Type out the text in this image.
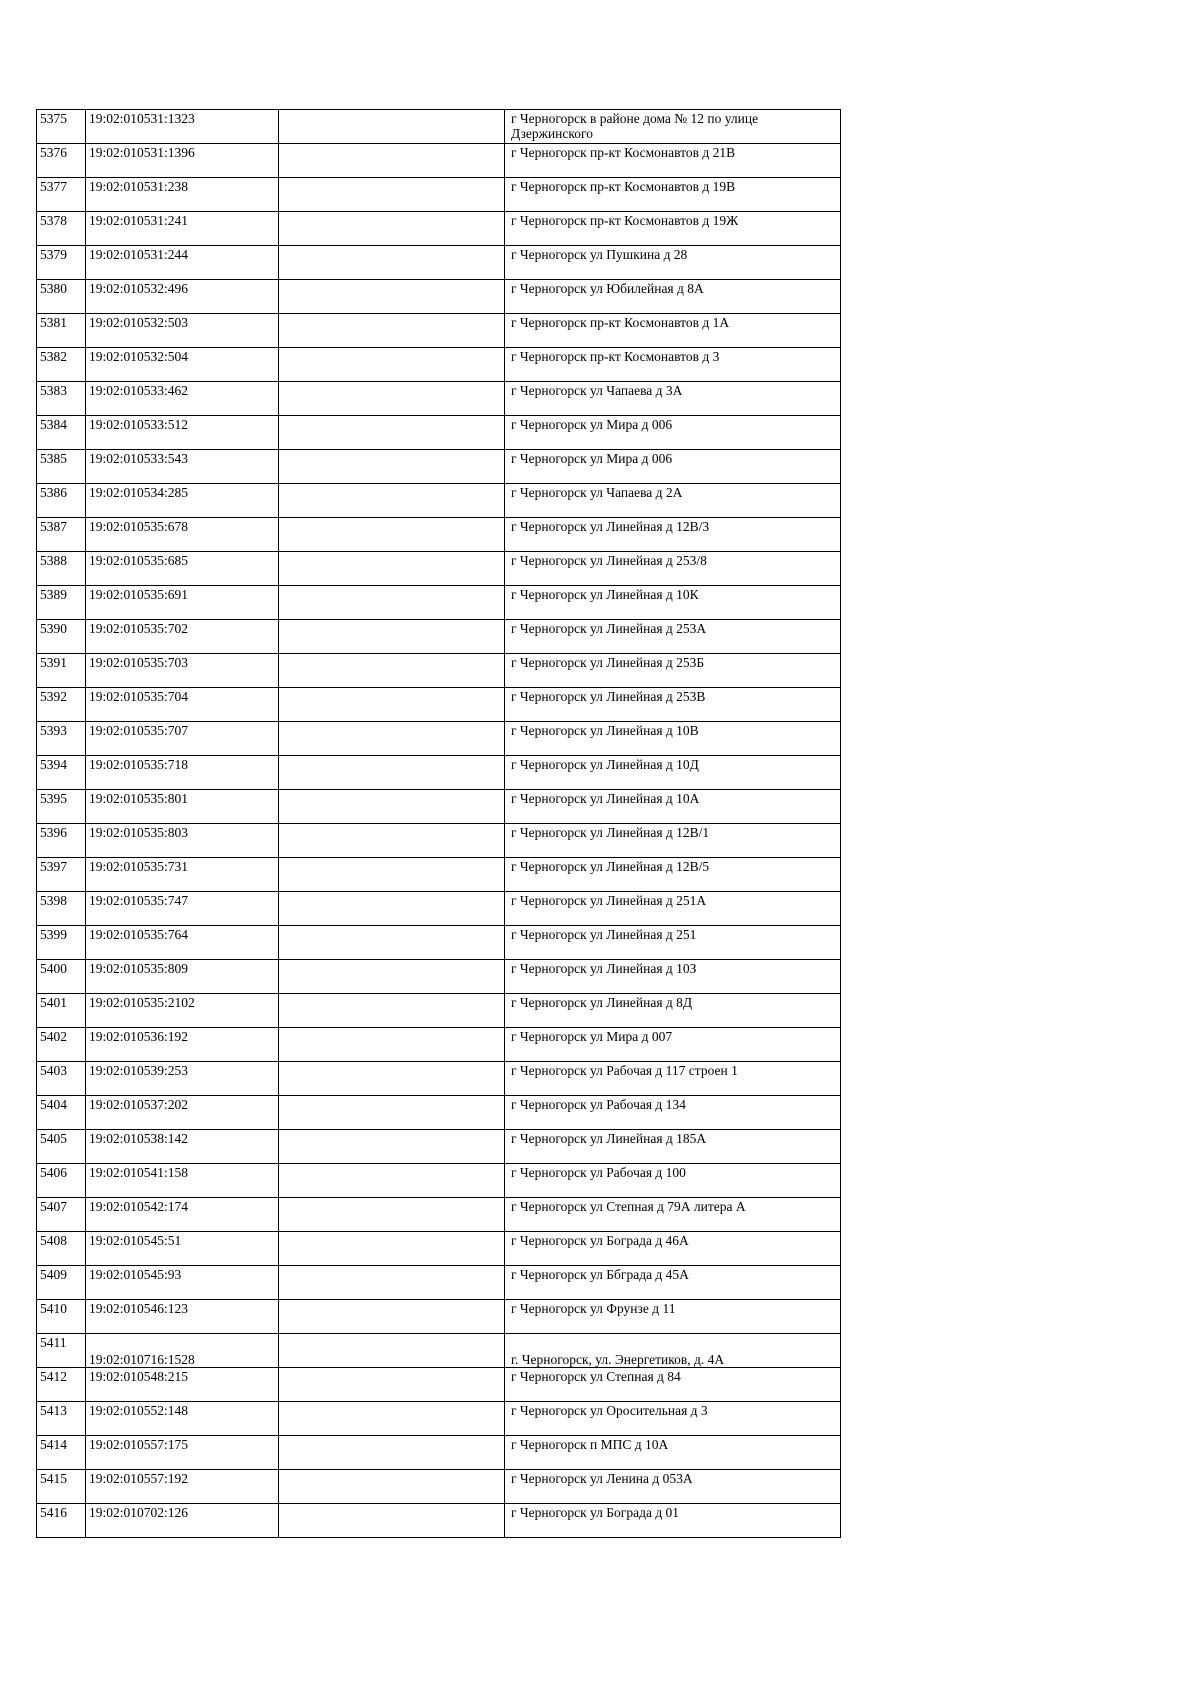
5375	19:02:010531:1323		г Черногорск в районе дома № 12 по улице Дзержинского
5376	19:02:010531:1396		г Черногорск пр-кт Космонавтов д 21В
5377	19:02:010531:238		г Черногорск пр-кт Космонавтов д 19В
5378	19:02:010531:241		г Черногорск пр-кт Космонавтов д 19Ж
5379	19:02:010531:244		г Черногорск ул Пушкина д 28
5380	19:02:010532:496		г Черногорск ул Юбилейная д 8А
5381	19:02:010532:503		г Черногорск пр-кт Космонавтов д 1А
5382	19:02:010532:504		г Черногорск пр-кт Космонавтов д 3
5383	19:02:010533:462		г Черногорск ул Чапаева д 3А
5384	19:02:010533:512		г Черногорск ул Мира д 006
5385	19:02:010533:543		г Черногорск ул Мира д 006
5386	19:02:010534:285		г Черногорск ул Чапаева д 2А
5387	19:02:010535:678		г Черногорск ул Линейная д 12В/3
5388	19:02:010535:685		г Черногорск ул Линейная д 253/8
5389	19:02:010535:691		г Черногорск ул Линейная д 10К
5390	19:02:010535:702		г Черногорск ул Линейная д 253А
5391	19:02:010535:703		г Черногорск ул Линейная д 253Б
5392	19:02:010535:704		г Черногорск ул Линейная д 253В
5393	19:02:010535:707		г Черногорск ул Линейная д 10В
5394	19:02:010535:718		г Черногорск ул Линейная д 10Д
5395	19:02:010535:801		г Черногорск ул Линейная д 10А
5396	19:02:010535:803		г Черногорск ул Линейная д 12В/1
5397	19:02:010535:731		г Черногорск ул Линейная д 12В/5
5398	19:02:010535:747		г Черногорск ул Линейная д 251А
5399	19:02:010535:764		г Черногорск ул Линейная д 251
5400	19:02:010535:809		г Черногорск ул Линейная д 10З
5401	19:02:010535:2102		г Черногорск ул Линейная д 8Д
5402	19:02:010536:192		г Черногорск ул Мира д 007
5403	19:02:010539:253		г Черногорск ул Рабочая д 117 строен 1
5404	19:02:010537:202		г Черногорск ул Рабочая д 134
5405	19:02:010538:142		г Черногорск ул Линейная д 185А
5406	19:02:010541:158		г Черногорск ул Рабочая д 100
5407	19:02:010542:174		г Черногорск ул Степная д 79А литера А
5408	19:02:010545:51		г Черногорск ул Бограда д 46А
5409	19:02:010545:93		г Черногорск ул Ббграда д 45А
5410	19:02:010546:123		г Черногорск ул Фрунзе д 11
5411	19:02:010716:1528		г. Черногорск, ул. Энергетиков, д. 4А
5412	19:02:010548:215		г Черногорск ул Степная д 84
5413	19:02:010552:148		г Черногорск ул Оросительная д 3
5414	19:02:010557:175		г Черногорск п МПС д 10А
5415	19:02:010557:192		г Черногорск ул Ленина д 053А
5416	19:02:010702:126		г Черногорск ул Бограда д 01
